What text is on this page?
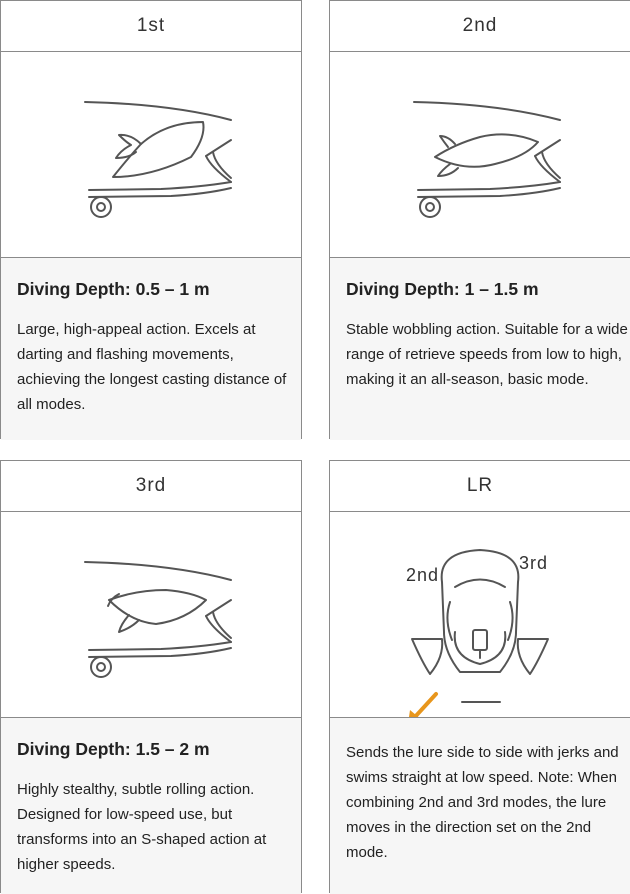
1st

Diving Depth: 0.5 – 1 m

Large, high-appeal action. Excels at darting and flashing movements, achieving the longest casting distance of all modes.

2nd

Diving Depth: 1 – 1.5 m

Stable wobbling action. Suitable for a wide range of retrieve speeds from low to high, making it an all-season, basic mode.

3rd

Diving Depth: 1.5 – 2 m

Highly stealthy, subtle rolling action. Designed for low-speed use, but transforms into an S-shaped action at higher speeds.

LR
2nd
3rd

Sends the lure side to side with jerks and swims straight at low speed. Note: When combining 2nd and 3rd modes, the lure moves in the direction set on the 2nd mode.
